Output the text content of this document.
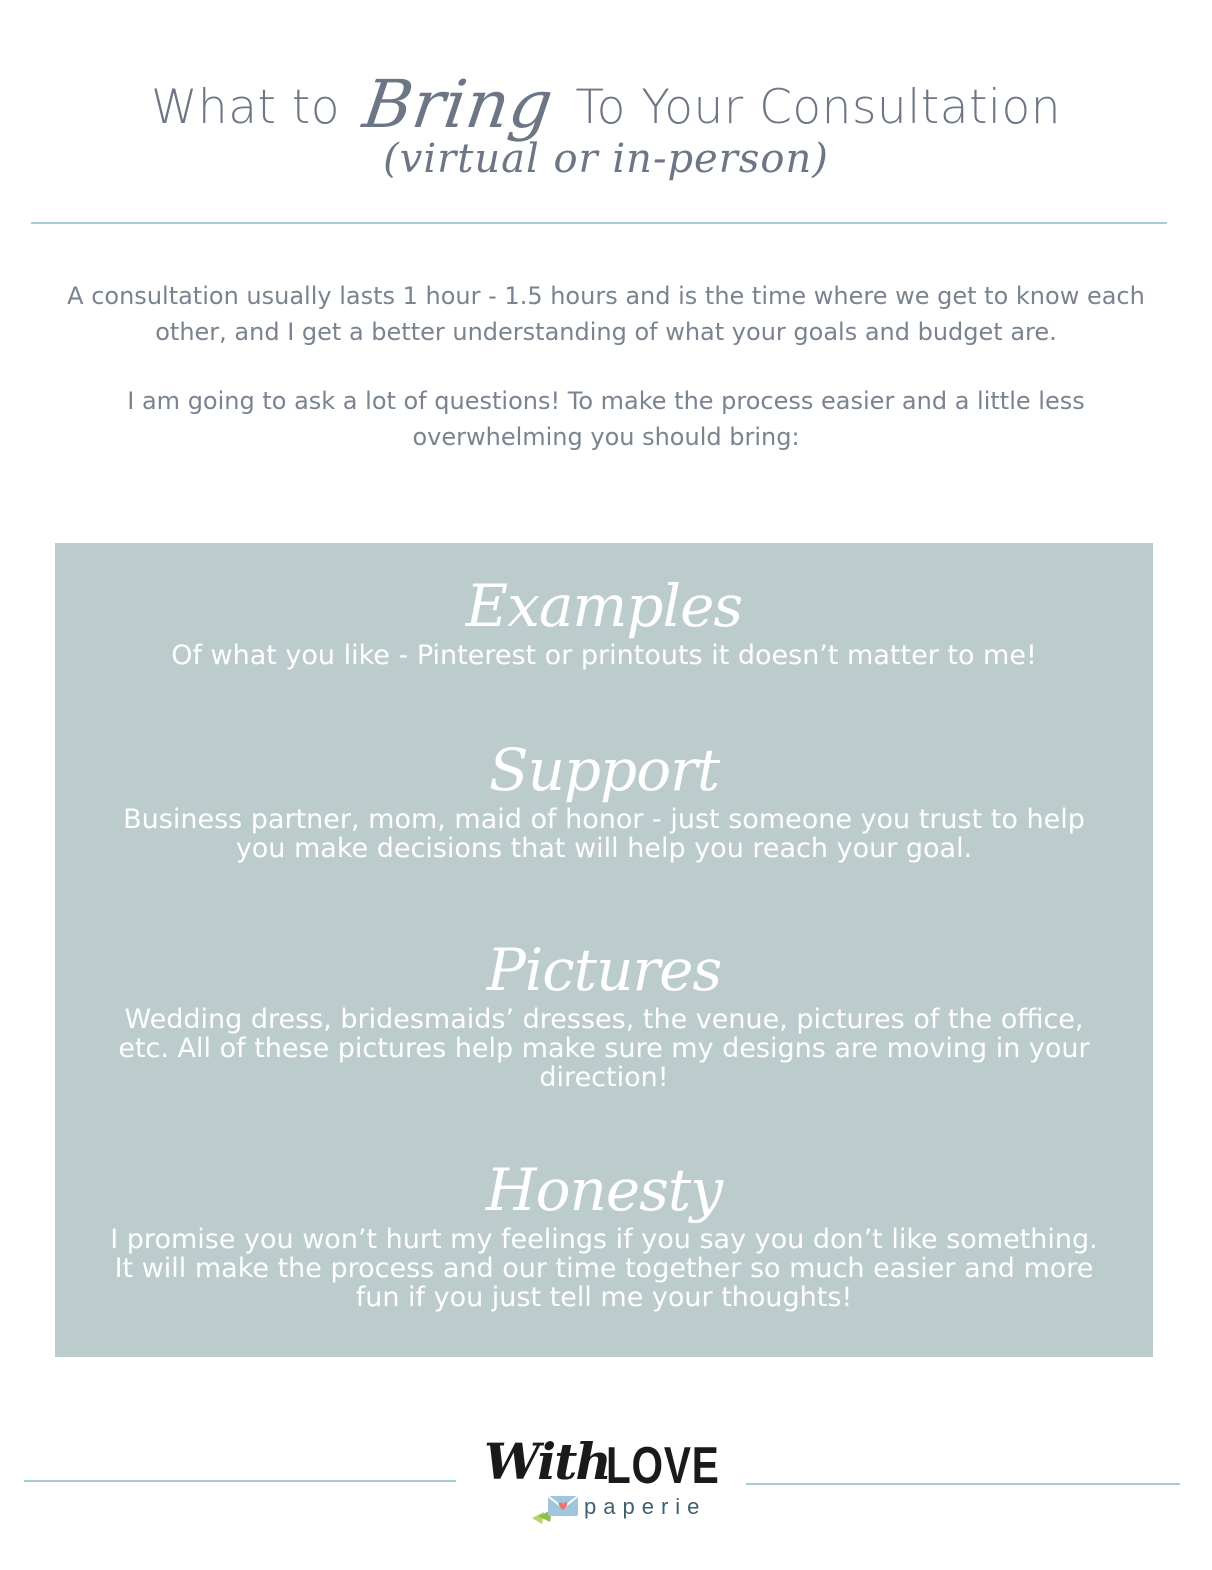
What to Bring To Your Consultation
(virtual or in-person)

A consultation usually lasts 1 hour - 1.5 hours and is the time where we get to know each other, and I get a better understanding of what your goals and budget are.

I am going to ask a lot of questions! To make the process easier and a little less overwhelming you should bring:

Examples
Of what you like - Pinterest or printouts it doesn’t matter to me!
Support
Business partner, mom, maid of honor - just someone you trust to help you make decisions that will help you reach your goal.
Pictures
Wedding dress, bridesmaids’ dresses, the venue, pictures of the office, etc. All of these pictures help make sure my designs are moving in your direction!
Honesty
I promise you won’t hurt my feelings if you say you don’t like something. It will make the process and our time together so much easier and more fun if you just tell me your thoughts!
With
LOVE
paperie
